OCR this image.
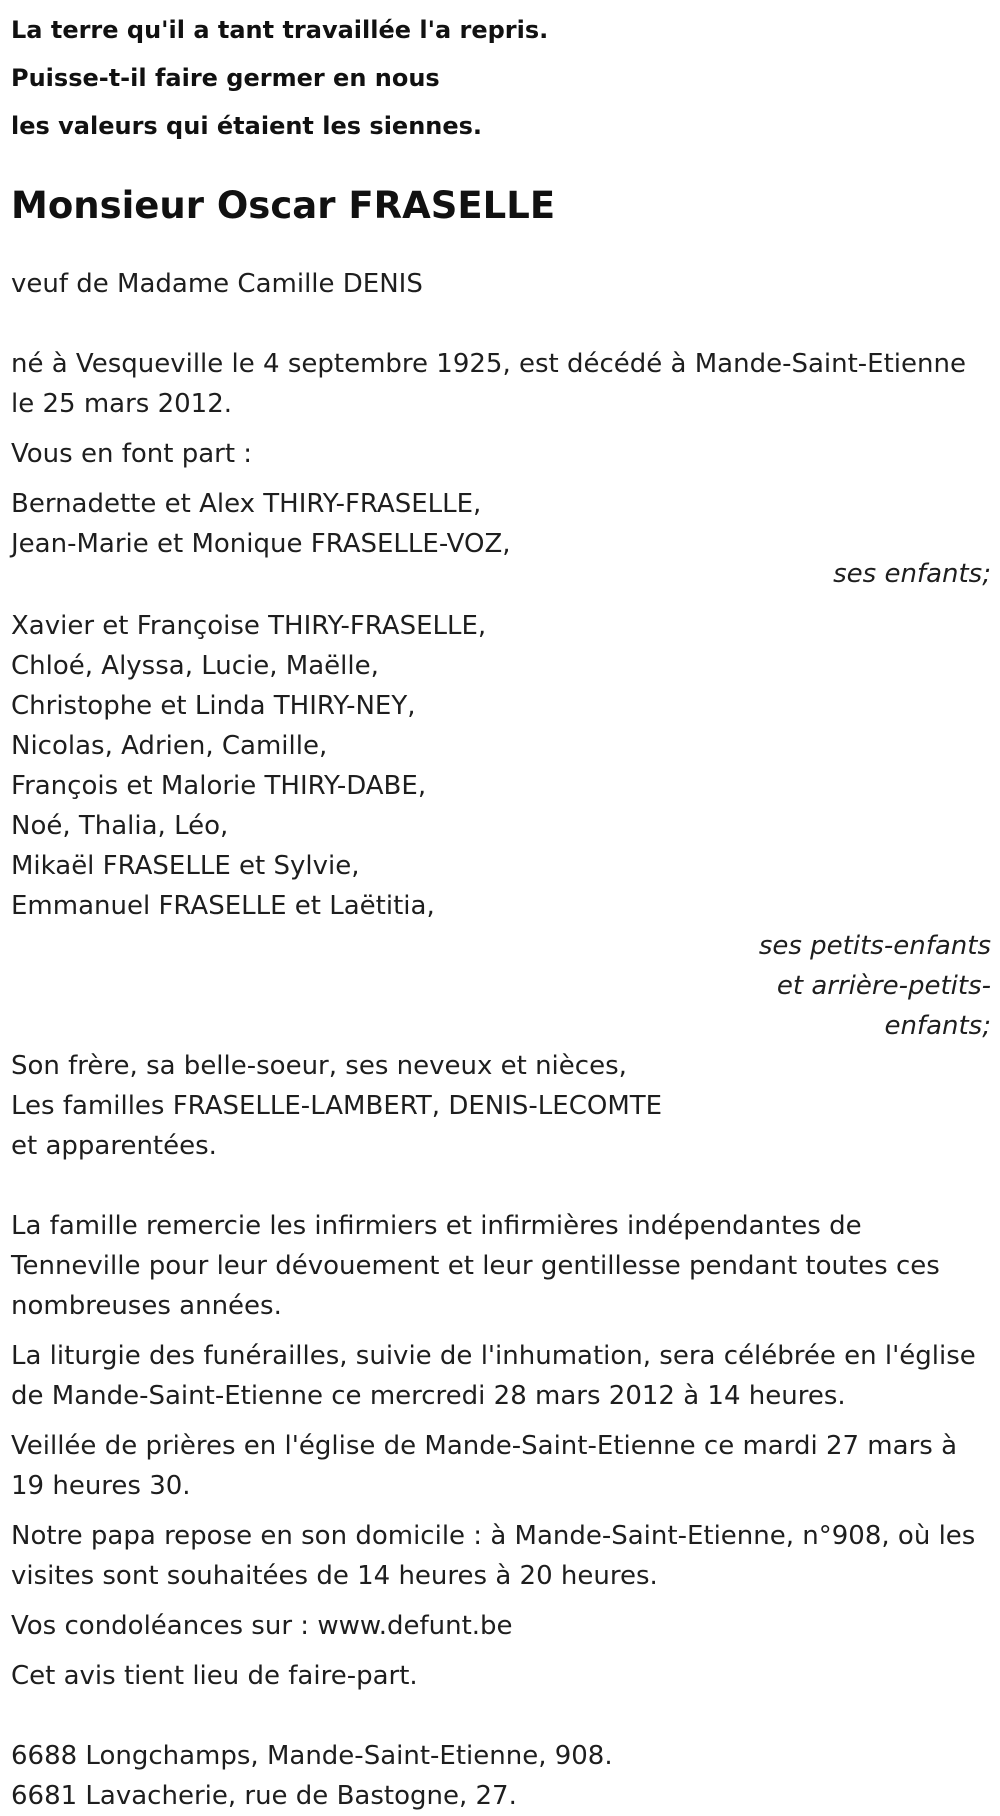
La terre qu'il a tant travaillée l'a repris.
Puisse-t-il faire germer en nous
les valeurs qui étaient les siennes.
Monsieur Oscar FRASELLE
veuf de Madame Camille DENIS
né à Vesqueville le 4 septembre 1925, est décédé à Mande-Saint-Etienne
le 25 mars 2012.
Vous en font part :
Bernadette et Alex THIRY-FRASELLE,
Jean-Marie et Monique FRASELLE-VOZ,
ses enfants;
Xavier et Françoise THIRY-FRASELLE,
Chloé, Alyssa, Lucie, Maëlle,
Christophe et Linda THIRY-NEY,
Nicolas, Adrien, Camille,
François et Malorie THIRY-DABE,
Noé, Thalia, Léo,
Mikaël FRASELLE et Sylvie,
Emmanuel FRASELLE et Laëtitia,
ses petits-enfants
et arrière-petits-
enfants;
Son frère, sa belle-soeur, ses neveux et nièces,
Les familles FRASELLE-LAMBERT, DENIS-LECOMTE
et apparentées.
La famille remercie les infirmiers et infirmières indépendantes de Tenneville pour leur dévouement et leur gentillesse pendant toutes ces nombreuses années.
La liturgie des funérailles, suivie de l'inhumation, sera célébrée en l'église de Mande-Saint-Etienne ce mercredi 28 mars 2012 à 14 heures.
Veillée de prières en l'église de Mande-Saint-Etienne ce mardi 27 mars à 19 heures 30.
Notre papa repose en son domicile : à Mande-Saint-Etienne, n°908, où les visites sont souhaitées de 14 heures à 20 heures.
Vos condoléances sur : www.defunt.be
Cet avis tient lieu de faire-part.
6688 Longchamps, Mande-Saint-Etienne, 908.
6681 Lavacherie, rue de Bastogne, 27.
